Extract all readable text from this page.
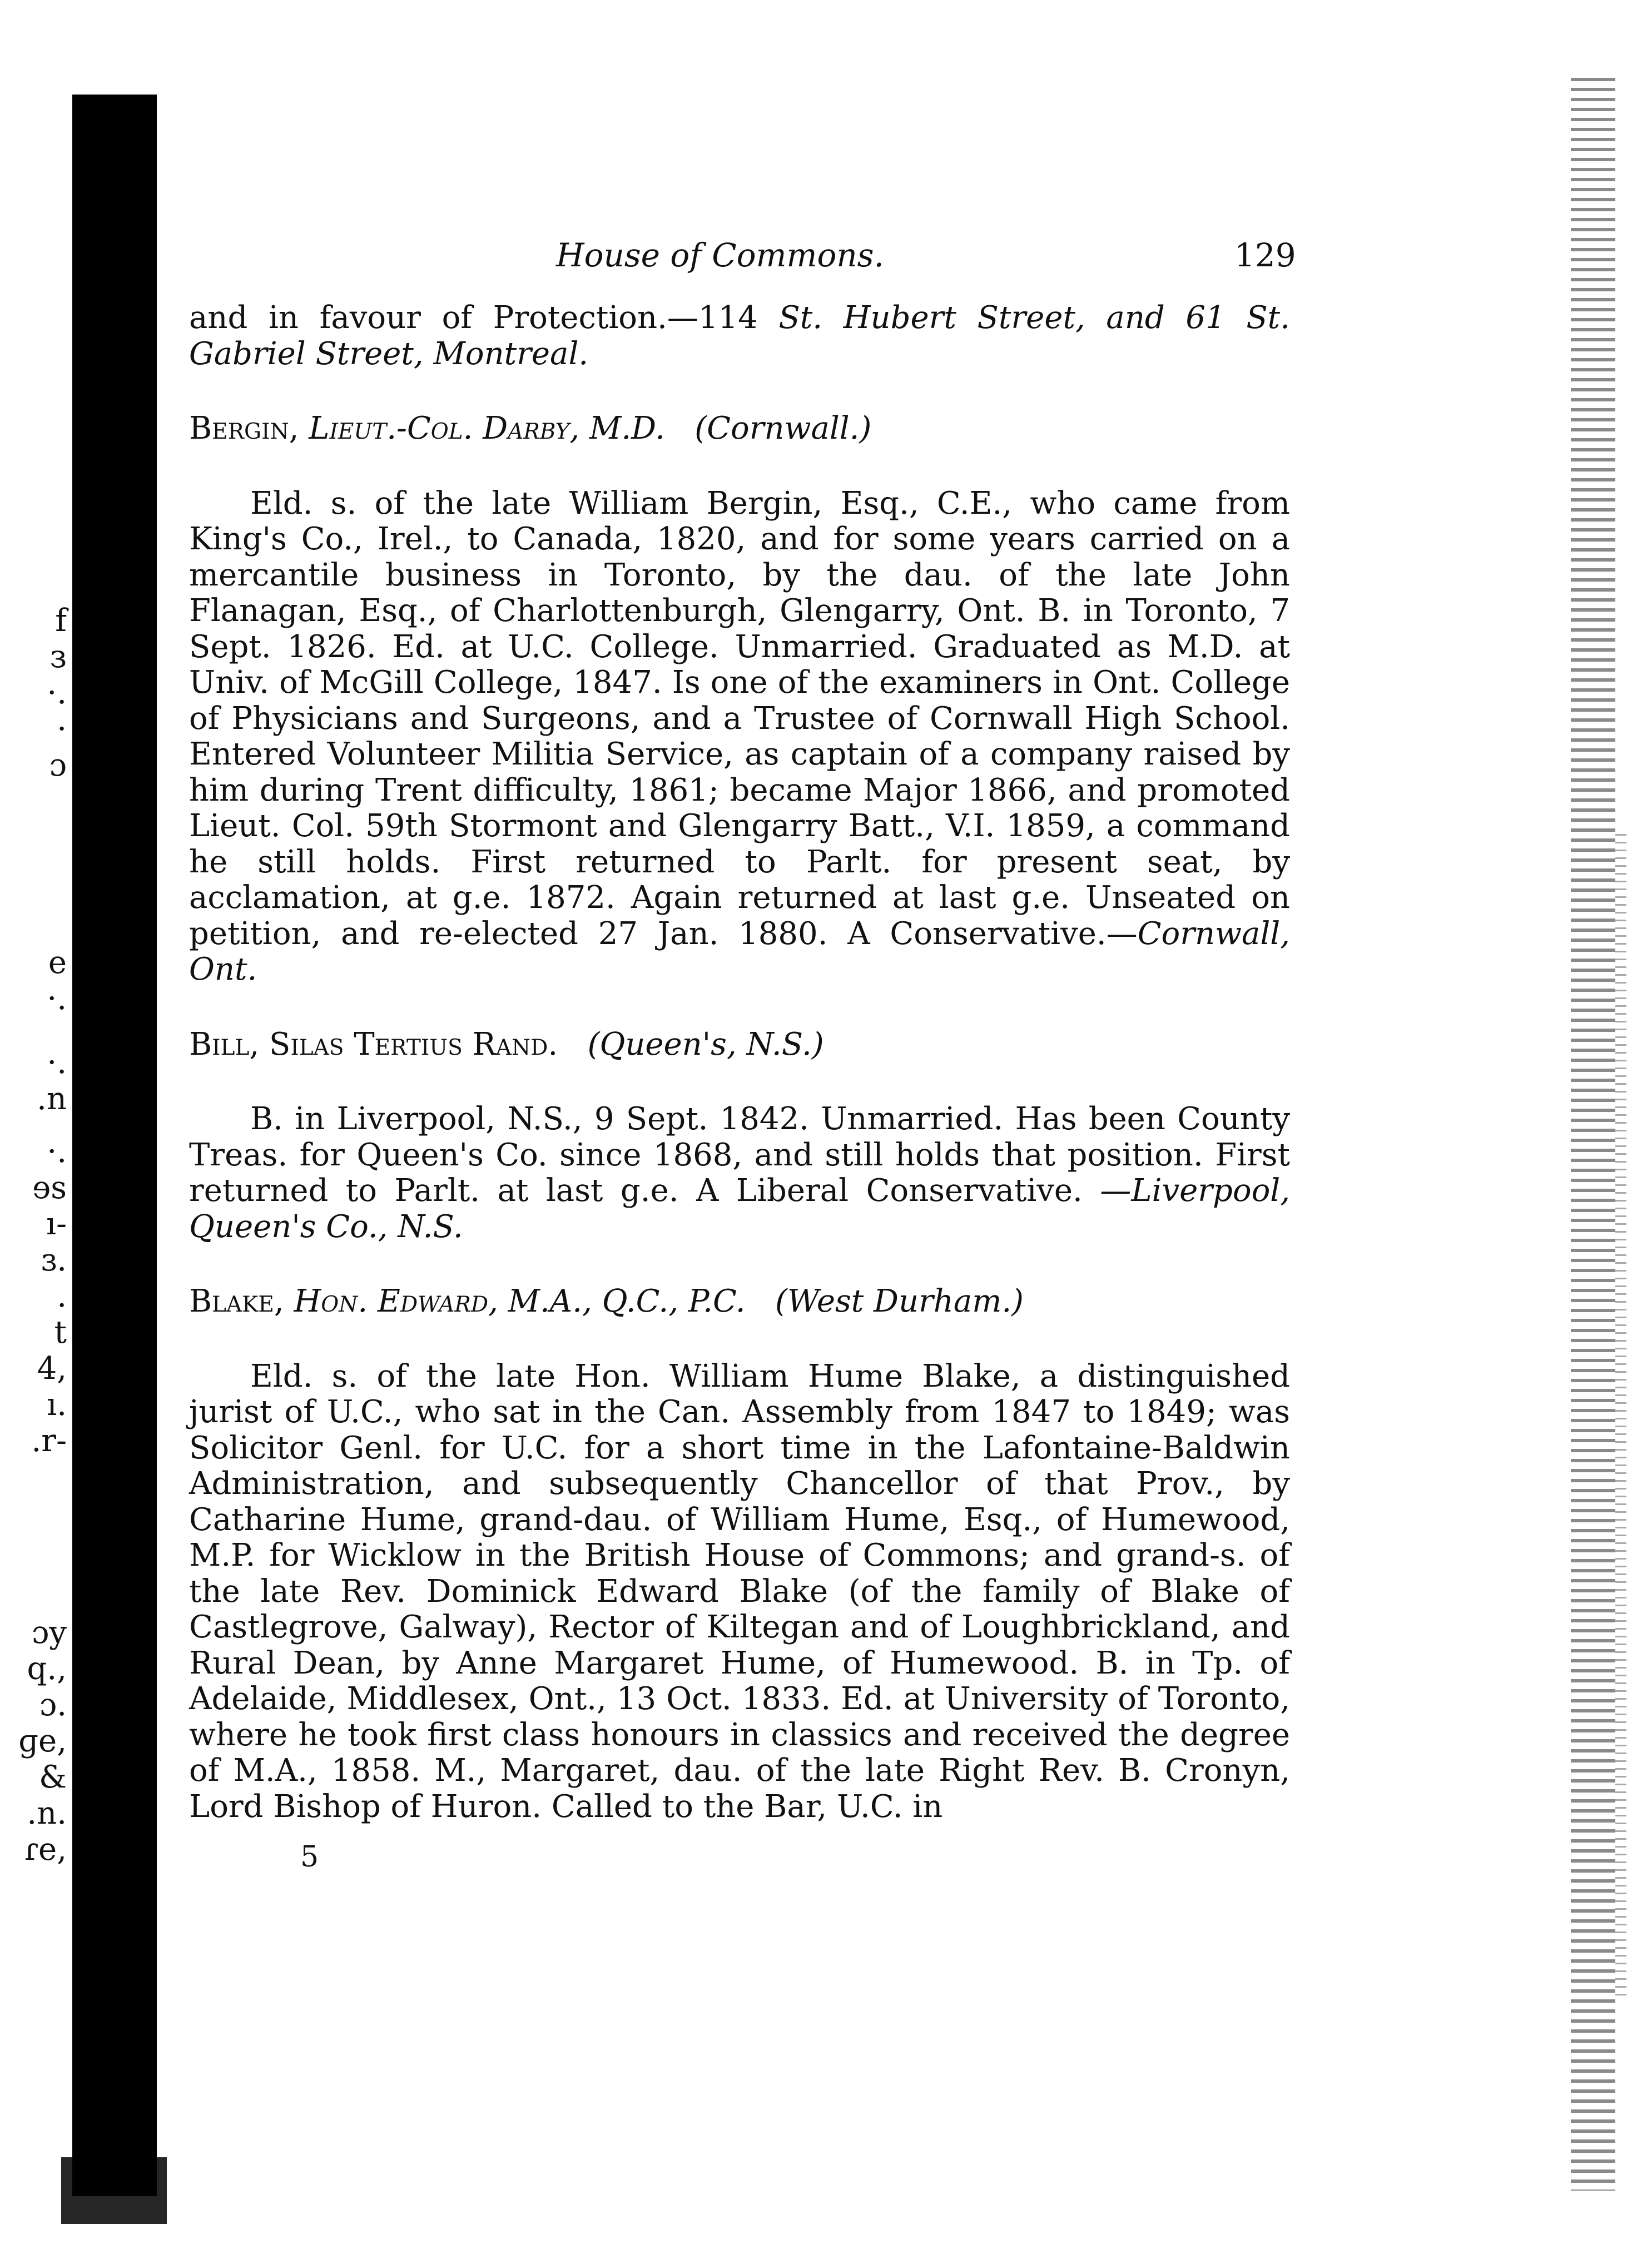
f
з
·.
·
ɔ
e
·.
·.
.n
·.
ɘs
ı-
ɜ.
.
t
4,
ı.
.r-
ɔy
q.,
ɔ.
ɡe,
&
.n.
ɾe,
House of Commons.	129

and in favour of Protection.—114 St. Hubert Street, and 61 St. Gabriel Street, Montreal.

Bergin, Lieut.-Col. Darby, M.D. (Cornwall.)

Eld. s. of the late William Bergin, Esq., C.E., who came from King's Co., Irel., to Canada, 1820, and for some years carried on a mercantile business in Toronto, by the dau. of the late John Flanagan, Esq., of Charlottenburgh, Glengarry, Ont. B. in Toronto, 7 Sept. 1826. Ed. at U.C. College. Unmarried. Graduated as M.D. at Univ. of McGill College, 1847. Is one of the examiners in Ont. College of Physicians and Surgeons, and a Trustee of Cornwall High School. Entered Volunteer Militia Service, as captain of a company raised by him during Trent difficulty, 1861; became Major 1866, and promoted Lieut. Col. 59th Stormont and Glengarry Batt., V.I. 1859, a command he still holds. First returned to Parlt. for present seat, by acclamation, at g.e. 1872. Again returned at last g.e. Unseated on petition, and re-elected 27 Jan. 1880. A Conservative.—Cornwall, Ont.

Bill, Silas Tertius Rand. (Queen's, N.S.)

B. in Liverpool, N.S., 9 Sept. 1842. Unmarried. Has been County Treas. for Queen's Co. since 1868, and still holds that position. First returned to Parlt. at last g.e. A Liberal Conservative. —Liverpool, Queen's Co., N.S.

Blake, Hon. Edward, M.A., Q.C., P.C. (West Durham.)

Eld. s. of the late Hon. William Hume Blake, a distinguished jurist of U.C., who sat in the Can. Assembly from 1847 to 1849; was Solicitor Genl. for U.C. for a short time in the Lafontaine-Baldwin Administration, and subsequently Chancellor of that Prov., by Catharine Hume, grand-dau. of William Hume, Esq., of Humewood, M.P. for Wicklow in the British House of Commons; and grand-s. of the late Rev. Dominick Edward Blake (of the family of Blake of Castlegrove, Galway), Rector of Kiltegan and of Loughbrickland, and Rural Dean, by Anne Margaret Hume, of Humewood. B. in Tp. of Adelaide, Middlesex, Ont., 13 Oct. 1833. Ed. at University of Toronto, where he took first class honours in classics and received the degree of M.A., 1858. M., Margaret, dau. of the late Right Rev. B. Cronyn, Lord Bishop of Huron. Called to the Bar, U.C. in

5
